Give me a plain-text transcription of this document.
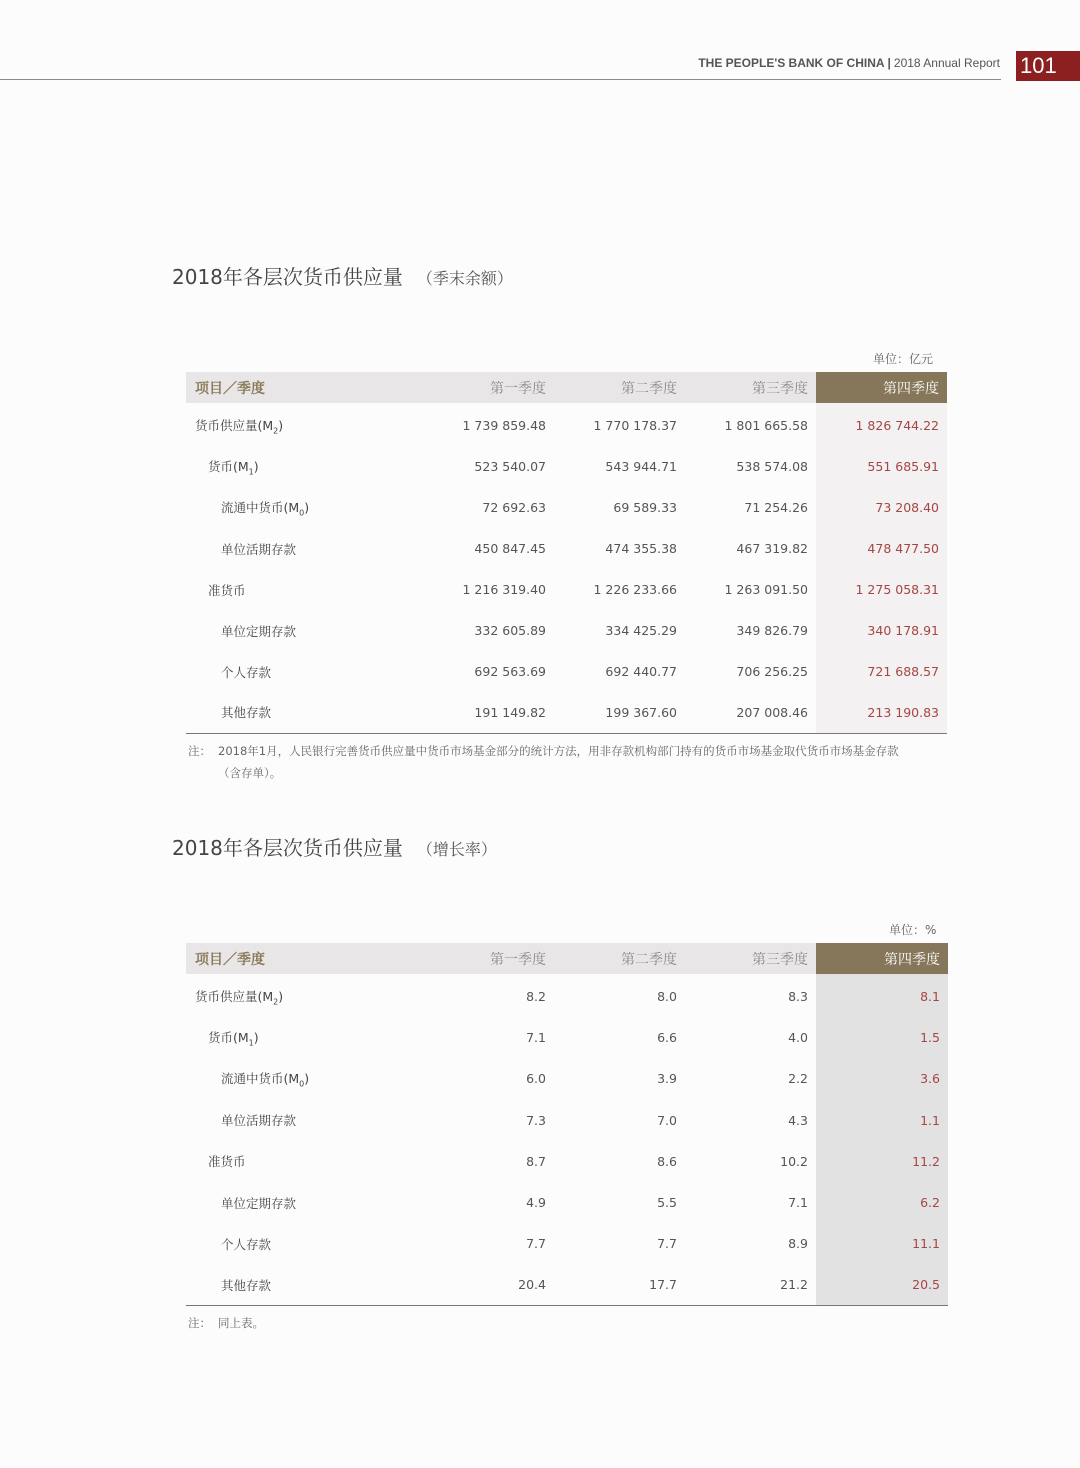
THE PEOPLE'S BANK OF CHINA | 2018 Annual Report 101
2018年各层次货币供应量 （季末余额）
单位：亿元
项目／季度	第一季度	第二季度	第三季度	第四季度

货币供应量$(M_2)$	1 739 859.48	1 770 178.37	1 801 665.58	1 826 744.22
货币$(M_1)$	523 540.07	543 944.71	538 574.08	551 685.91
流通中货币$(M_0)$	72 692.63	69 589.33	71 254.26	73 208.40
单位活期存款	450 847.45	474 355.38	467 319.82	478 477.50
准货币	1 216 319.40	1 226 233.66	1 263 091.50	1 275 058.31
单位定期存款	332 605.89	334 425.29	349 826.79	340 178.91
个人存款	692 563.69	692 440.77	706 256.25	721 688.57
其他存款	191 149.82	199 367.60	207 008.46	213 190.83
注： 2018年1月，人民银行完善货币供应量中货币市场基金部分的统计方法，用非存款机构部门持有的货币市场基金取代货币市场基金存款
（含存单）。
2018年各层次货币供应量 （增长率）
单位：%
项目／季度	第一季度	第二季度	第三季度	第四季度

货币供应量$(M_2)$	8.2	8.0	8.3	8.1
货币$(M_1)$	7.1	6.6	4.0	1.5
流通中货币$(M_0)$	6.0	3.9	2.2	3.6
单位活期存款	7.3	7.0	4.3	1.1
准货币	8.7	8.6	10.2	11.2
单位定期存款	4.9	5.5	7.1	6.2
个人存款	7.7	7.7	8.9	11.1
其他存款	20.4	17.7	21.2	20.5
注： 同上表。
